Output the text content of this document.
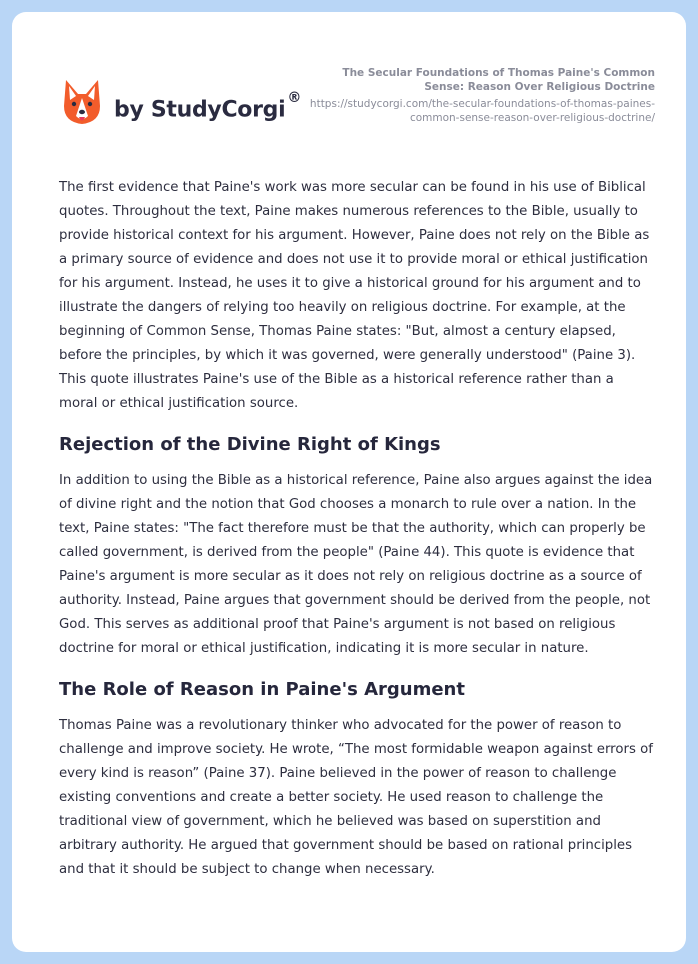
by StudyCorgi ®
The Secular Foundations of Thomas Paine's Common Sense: Reason Over Religious Doctrine
https://studycorgi.com/the-secular-foundations-of-thomas-paines-common-sense-reason-over-religious-doctrine/

The first evidence that Paine's work was more secular can be found in his use of Biblical quotes. Throughout the text, Paine makes numerous references to the Bible, usually to provide historical context for his argument. However, Paine does not rely on the Bible as a primary source of evidence and does not use it to provide moral or ethical justification for his argument. Instead, he uses it to give a historical ground for his argument and to illustrate the dangers of relying too heavily on religious doctrine. For example, at the beginning of Common Sense, Thomas Paine states: "But, almost a century elapsed, before the principles, by which it was governed, were generally understood" (Paine 3). This quote illustrates Paine's use of the Bible as a historical reference rather than a moral or ethical justification source.

Rejection of the Divine Right of Kings

In addition to using the Bible as a historical reference, Paine also argues against the idea of divine right and the notion that God chooses a monarch to rule over a nation. In the text, Paine states: "The fact therefore must be that the authority, which can properly be called government, is derived from the people" (Paine 44). This quote is evidence that Paine's argument is more secular as it does not rely on religious doctrine as a source of authority. Instead, Paine argues that government should be derived from the people, not God. This serves as additional proof that Paine's argument is not based on religious doctrine for moral or ethical justification, indicating it is more secular in nature.

The Role of Reason in Paine's Argument

Thomas Paine was a revolutionary thinker who advocated for the power of reason to challenge and improve society. He wrote, “The most formidable weapon against errors of every kind is reason” (Paine 37). Paine believed in the power of reason to challenge existing conventions and create a better society. He used reason to challenge the traditional view of government, which he believed was based on superstition and arbitrary authority. He argued that government should be based on rational principles and that it should be subject to change when necessary.
